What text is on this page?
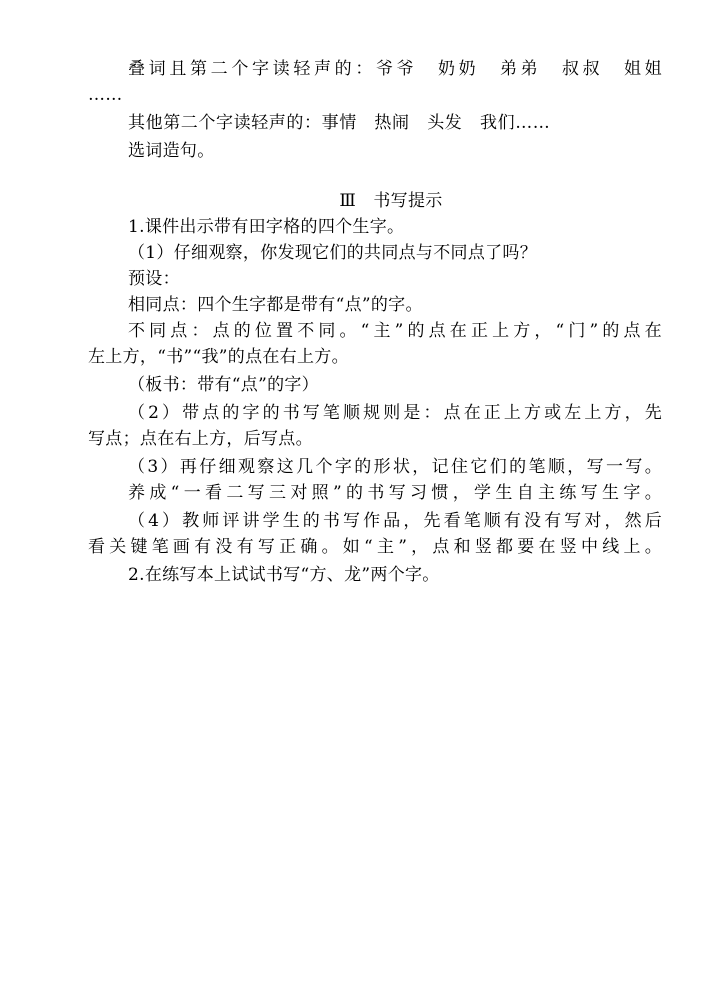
叠词且第二个字读轻声的：爷爷　奶奶　弟弟　叔叔　姐姐
……
其他第二个字读轻声的：事情　热闹　头发　我们……
选词造句。
Ⅲ　书写提示
1.课件出示带有田字格的四个生字。
（1）仔细观察，你发现它们的共同点与不同点了吗？
预设：
相同点：四个生字都是带有“点”的字。
不同点：点的位置不同。“主”的点在正上方，“门”的点在
左上方，“书”“我”的点在右上方。
（板书：带有“点”的字）
（2）带点的字的书写笔顺规则是：点在正上方或左上方，先
写点；点在右上方，后写点。
（3）再仔细观察这几个字的形状，记住它们的笔顺，写一写。
养成“一看二写三对照”的书写习惯，学生自主练写生字。
（4）教师评讲学生的书写作品，先看笔顺有没有写对，然后
看关键笔画有没有写正确。如“主”，点和竖都要在竖中线上。
2.在练写本上试试书写“方、龙”两个字。
